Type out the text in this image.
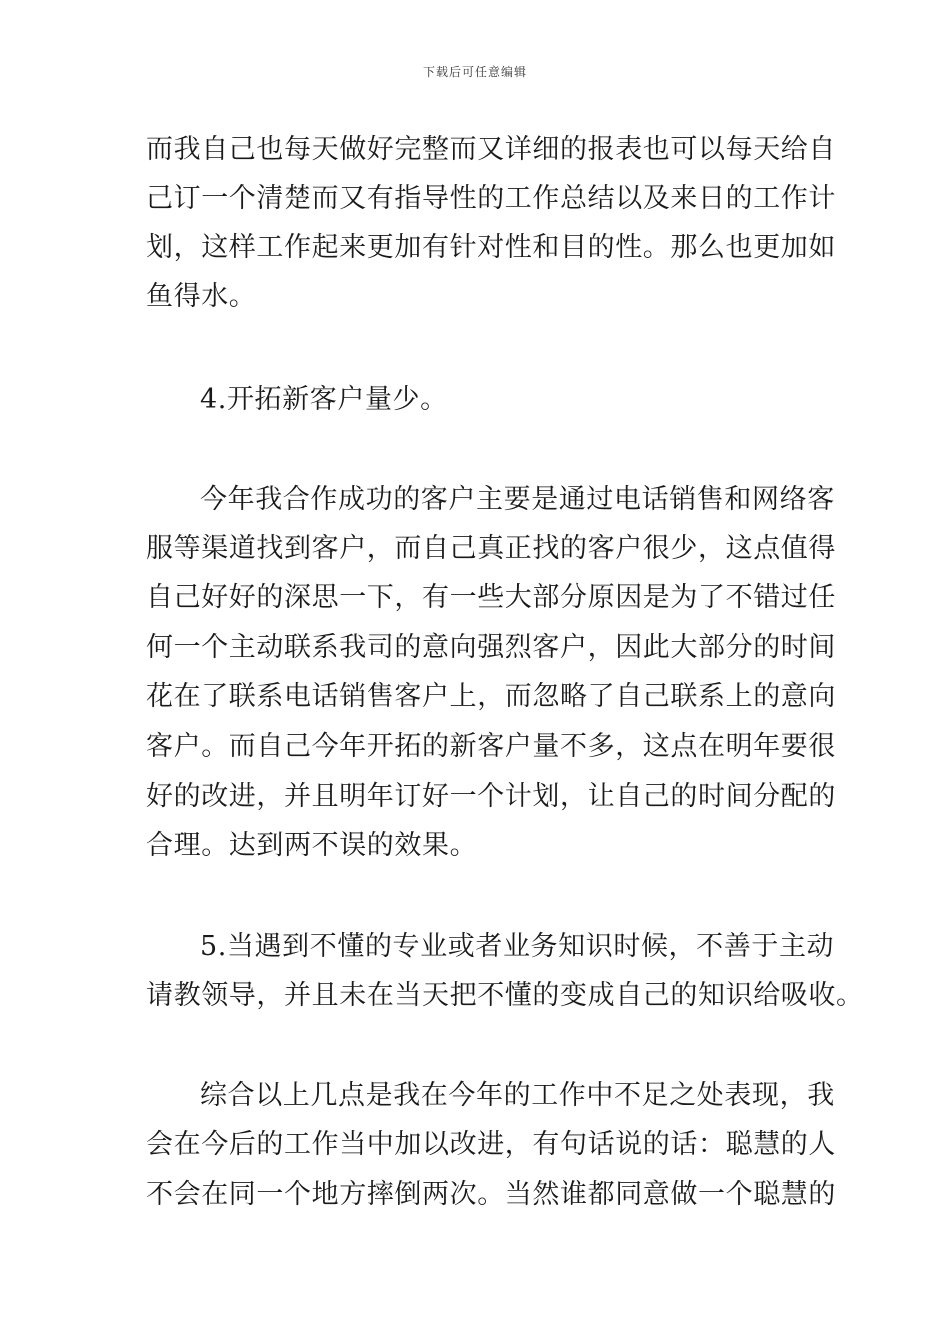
下载后可任意编辑
而我自己也每天做好完整而又详细的报表也可以每天给自
己订一个清楚而又有指导性的工作总结以及来日的工作计
划，这样工作起来更加有针对性和目的性。那么也更加如
鱼得水。
4.开拓新客户量少。
今年我合作成功的客户主要是通过电话销售和网络客
服等渠道找到客户，而自己真正找的客户很少，这点值得
自己好好的深思一下，有一些大部分原因是为了不错过任
何一个主动联系我司的意向强烈客户，因此大部分的时间
花在了联系电话销售客户上，而忽略了自己联系上的意向
客户。而自己今年开拓的新客户量不多，这点在明年要很
好的改进，并且明年订好一个计划，让自己的时间分配的
合理。达到两不误的效果。
5.当遇到不懂的专业或者业务知识时候，不善于主动
请教领导，并且未在当天把不懂的变成自己的知识给吸收。
综合以上几点是我在今年的工作中不足之处表现，我
会在今后的工作当中加以改进，有句话说的话：聪慧的人
不会在同一个地方摔倒两次。当然谁都同意做一个聪慧的
